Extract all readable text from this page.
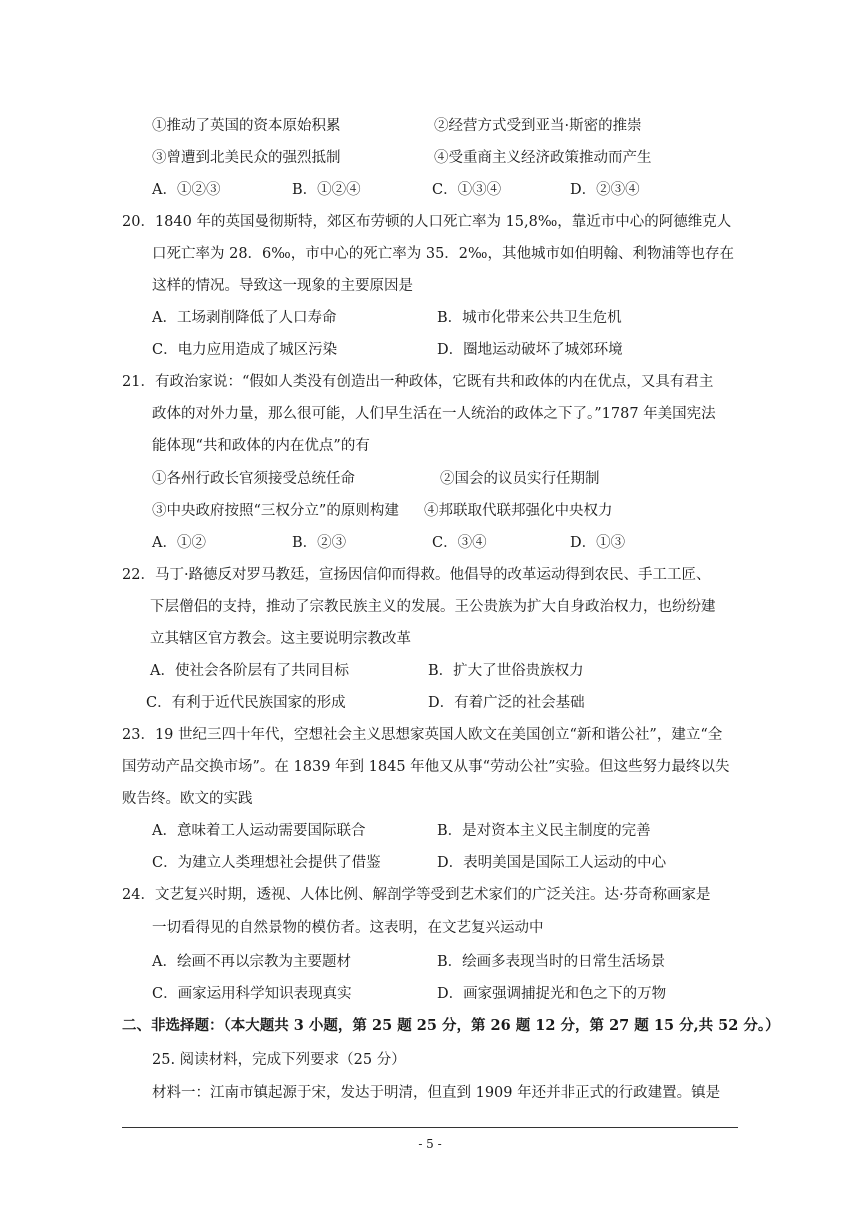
①推动了英国的资本原始积累	②经营方式受到亚当·斯密的推崇
③曾遭到北美民众的强烈抵制	④受重商主义经济政策推动而产生
A．①②③	B．①②④	C．①③④	D．②③④
20．1840 年的英国曼彻斯特，郊区布劳顿的人口死亡率为 15,8‰，靠近市中心的阿德维克人
口死亡率为 28．6‰，市中心的死亡率为 35．2‰，其他城市如伯明翰、利物浦等也存在
这样的情况。导致这一现象的主要原因是
A．工场剥削降低了人口寿命	B．城市化带来公共卫生危机
C．电力应用造成了城区污染	D．圈地运动破坏了城郊环境
21．有政治家说：“假如人类没有创造出一种政体，它既有共和政体的内在优点，又具有君主
政体的对外力量，那么很可能，人们早生活在一人统治的政体之下了。”1787 年美国宪法
能体现“共和政体的内在优点”的有
①各州行政长官须接受总统任命	②国会的议员实行任期制
③中央政府按照“三权分立”的原则构建 ④邦联取代联邦强化中央权力
A．①②	B．②③	C．③④	D．①③
22．马丁·路德反对罗马教廷，宣扬因信仰而得救。他倡导的改革运动得到农民、手工工匠、
下层僧侣的支持，推动了宗教民族主义的发展。王公贵族为扩大自身政治权力，也纷纷建
立其辖区官方教会。这主要说明宗教改革
A．使社会各阶层有了共同目标	B．扩大了世俗贵族权力
C．有利于近代民族国家的形成	D．有着广泛的社会基础
23．19 世纪三四十年代，空想社会主义思想家英国人欧文在美国创立“新和谐公社”，建立“全
国劳动产品交换市场”。在 1839 年到 1845 年他又从事“劳动公社”实验。但这些努力最终以失
败告终。欧文的实践
A．意味着工人运动需要国际联合	B．是对资本主义民主制度的完善
C．为建立人类理想社会提供了借鉴	D．表明美国是国际工人运动的中心
24．文艺复兴时期，透视、人体比例、解剖学等受到艺术家们的广泛关注。达·芬奇称画家是
一切看得见的自然景物的模仿者。这表明，在文艺复兴运动中
A．绘画不再以宗教为主要题材	B．绘画多表现当时的日常生活场景
C．画家运用科学知识表现真实	D．画家强调捕捉光和色之下的万物
二、非选择题：（本大题共 3 小题，第 25 题 25 分，第 26 题 12 分，第 27 题 15 分,共 52 分。）
25. 阅读材料，完成下列要求（25 分）
材料一：江南市镇起源于宋，发达于明清，但直到 1909 年还并非正式的行政建置。镇是
- 5 -
